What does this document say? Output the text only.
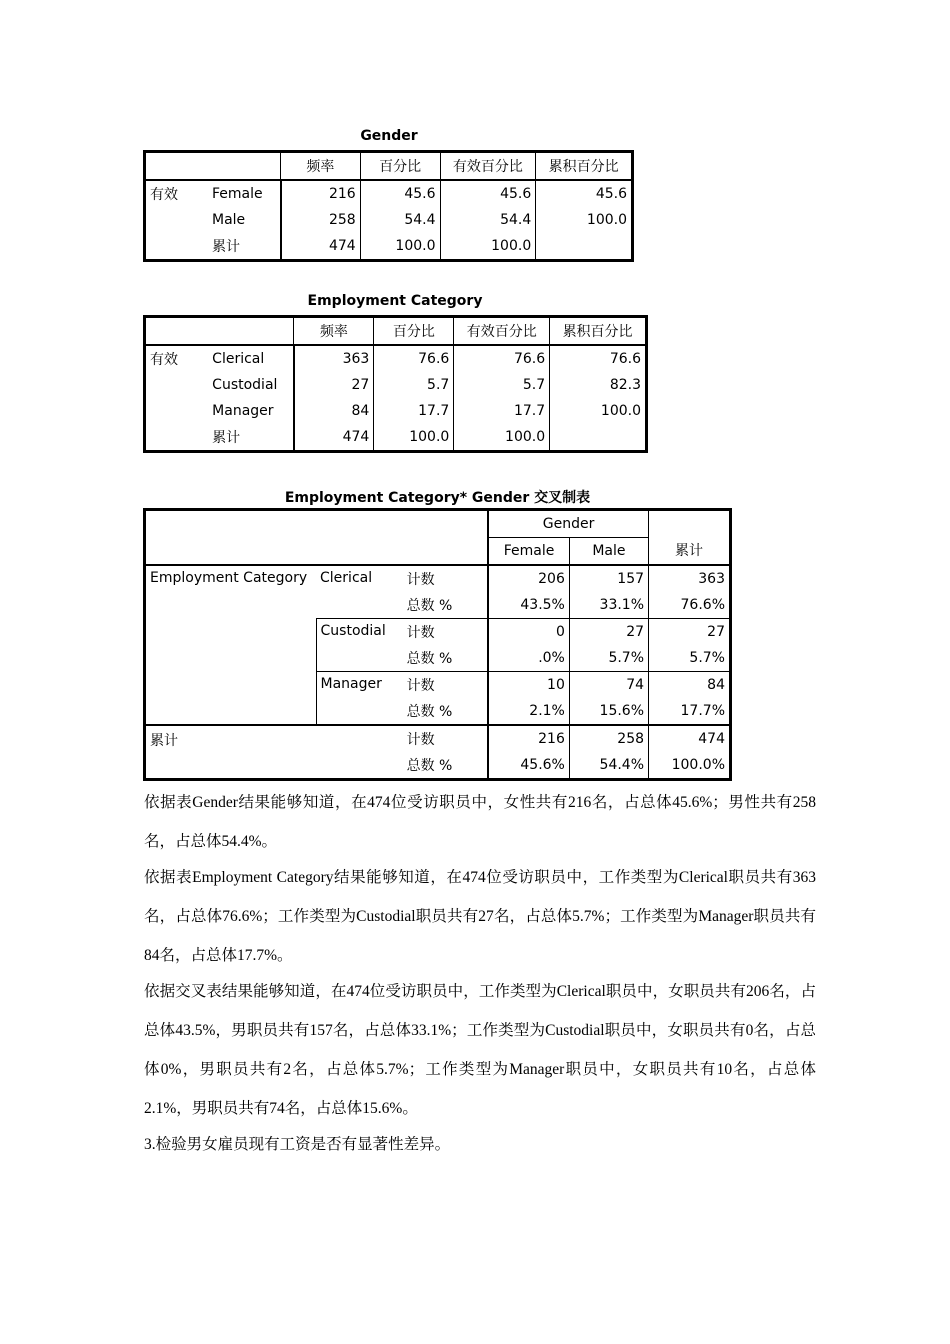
Gender
		频率	百分比	有效百分比	累积百分比
有效	Female	216	45.6	45.6	45.6
	Male	258	54.4	54.4	100.0
	累计	474	100.0	100.0	
Employment Category
		频率	百分比	有效百分比	累积百分比
有效	Clerical	363	76.6	76.6	76.6
	Custodial	27	5.7	5.7	82.3
	Manager	84	17.7	17.7	100.0
	累计	474	100.0	100.0	
Employment Category* Gender 交叉制表
			Gender		累计
			Female	Male	
Employment Category	Clerical	计数	206	157	363
		总数 %	43.5%	33.1%	76.6%
	Custodial	计数	0	27	27
		总数 %	.0%	5.7%	5.7%
	Manager	计数	10	74	84
		总数 %	2.1%	15.6%	17.7%
累计		计数	216	258	474
		总数 %	45.6%	54.4%	100.0%

依据表Gender结果能够知道，在474位受访职员中，女性共有216名，占总体45.6%；男性共有258名，占总体54.4%。

依据表Employment Category结果能够知道，在474位受访职员中，工作类型为Clerical职员共有363名，占总体76.6%；工作类型为Custodial职员共有27名，占总体5.7%；工作类型为Manager职员共有84名，占总体17.7%。

依据交叉表结果能够知道，在474位受访职员中，工作类型为Clerical职员中，女职员共有206名，占总体43.5%，男职员共有157名，占总体33.1%；工作类型为Custodial职员中，女职员共有0名，占总体0%，男职员共有2名，占总体5.7%；工作类型为Manager职员中，女职员共有10名，占总体2.1%，男职员共有74名，占总体15.6%。

3.检验男女雇员现有工资是否有显著性差异。
